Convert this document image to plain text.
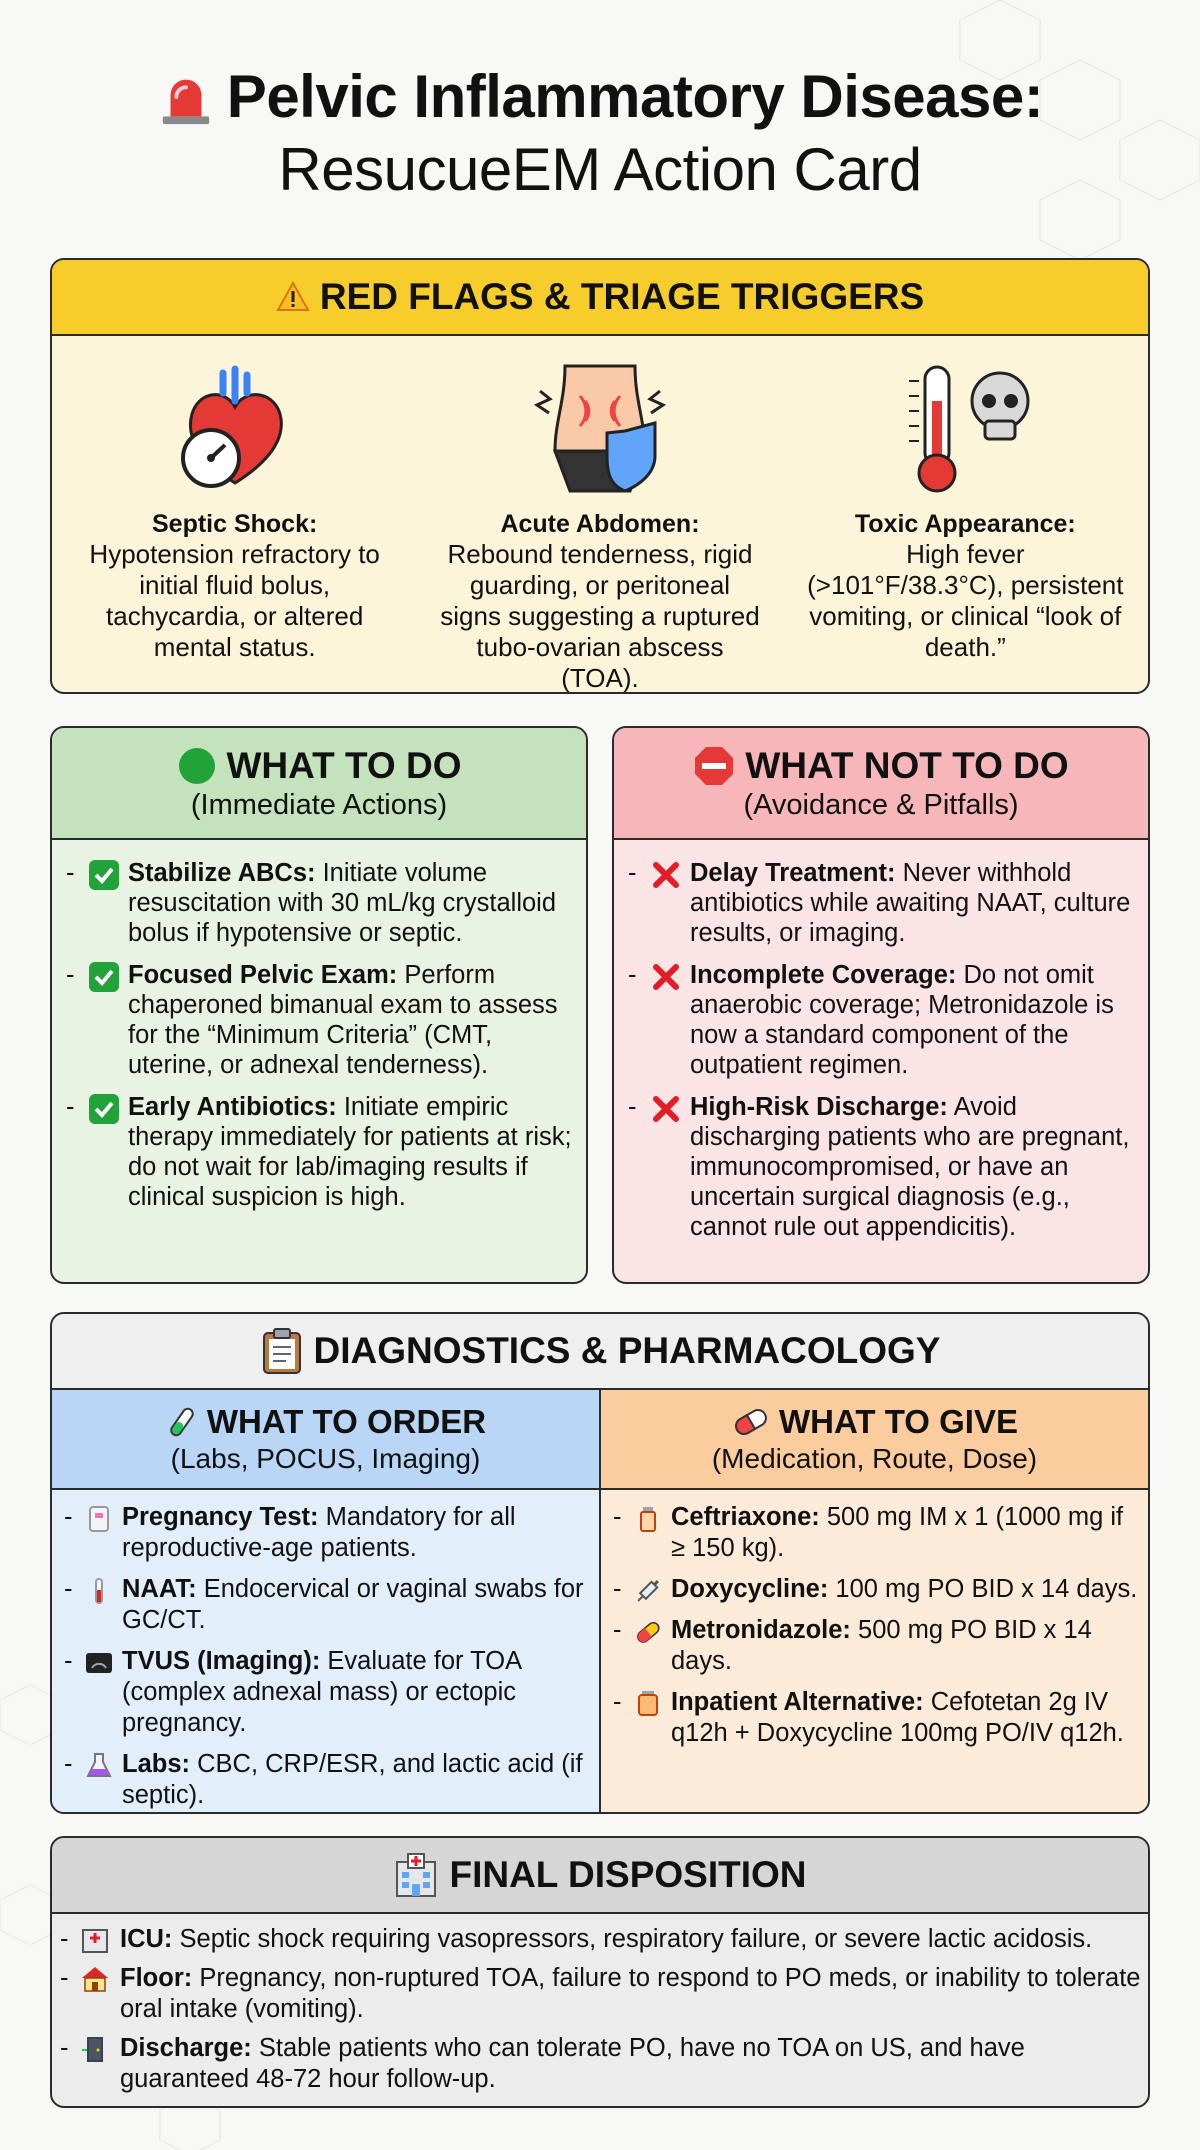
Pelvic Inflammatory Disease:
ResucueEM Action Card
RED FLAGS & TRIAGE TRIGGERS
Septic Shock:
Hypotension refractory to initial fluid bolus, tachycardia, or altered mental status.
Acute Abdomen:
Rebound tenderness, rigid guarding, or peritoneal signs suggesting a ruptured tubo-ovarian abscess (TOA).
Toxic Appearance:
High fever (>101°F/38.3°C), persistent vomiting, or clinical “look of death.”
WHAT TO DO
(Immediate Actions)
- Stabilize ABCs: Initiate volume resuscitation with 30 mL/kg crystalloid bolus if hypotensive or septic.
- Focused Pelvic Exam: Perform chaperoned bimanual exam to assess for the “Minimum Criteria” (CMT, uterine, or adnexal tenderness).
- Early Antibiotics: Initiate empiric therapy immediately for patients at risk; do not wait for lab/imaging results if clinical suspicion is high.
WHAT NOT TO DO
(Avoidance & Pitfalls)
- Delay Treatment: Never withhold antibiotics while awaiting NAAT, culture results, or imaging.
- Incomplete Coverage: Do not omit anaerobic coverage; Metronidazole is now a standard component of the outpatient regimen.
- High-Risk Discharge: Avoid discharging patients who are pregnant, immunocompromised, or have an uncertain surgical diagnosis (e.g., cannot rule out appendicitis).
DIAGNOSTICS & PHARMACOLOGY
WHAT TO ORDER
(Labs, POCUS, Imaging)
- Pregnancy Test: Mandatory for all reproductive-age patients.
- NAAT: Endocervical or vaginal swabs for GC/CT.
- TVUS (Imaging): Evaluate for TOA (complex adnexal mass) or ectopic pregnancy.
- Labs: CBC, CRP/ESR, and lactic acid (if septic).
WHAT TO GIVE
(Medication, Route, Dose)
- Ceftriaxone: 500 mg IM x 1 (1000 mg if ≥ 150 kg).
- Doxycycline: 100 mg PO BID x 14 days.
- Metronidazole: 500 mg PO BID x 14 days.
- Inpatient Alternative: Cefotetan 2g IV q12h + Doxycycline 100mg PO/IV q12h.
FINAL DISPOSITION
- ICU: Septic shock requiring vasopressors, respiratory failure, or severe lactic acidosis.
- Floor: Pregnancy, non-ruptured TOA, failure to respond to PO meds, or inability to tolerate oral intake (vomiting).
- Discharge: Stable patients who can tolerate PO, have no TOA on US, and have guaranteed 48-72 hour follow-up.
